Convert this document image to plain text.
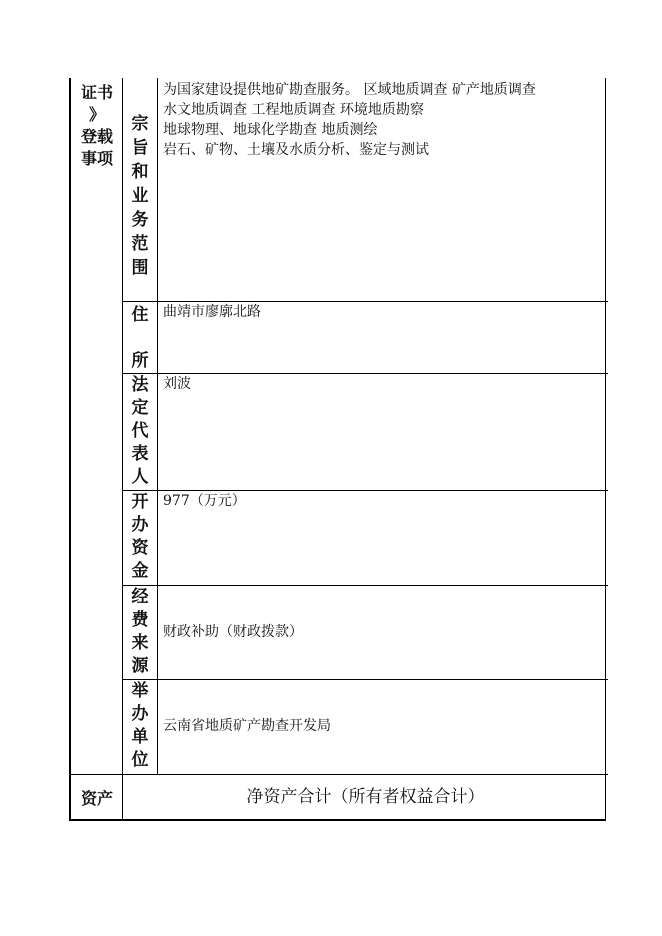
证书
》
登载
事项
宗
旨
和
业
务
范
围
为国家建设提供地矿勘查服务。 区域地质调查 矿产地质调查
水文地质调查 工程地质调查 环境地质勘察
地球物理、地球化学勘查 地质测绘
岩石、矿物、土壤及水质分析、鉴定与测试
住
所
曲靖市廖廓北路
法
定
代
表
人
刘波
开
办
资
金
977（万元）
经
费
来
源
财政补助（财政拨款）
举
办
单
位
云南省地质矿产勘查开发局
资产	净资产合计（所有者权益合计）
